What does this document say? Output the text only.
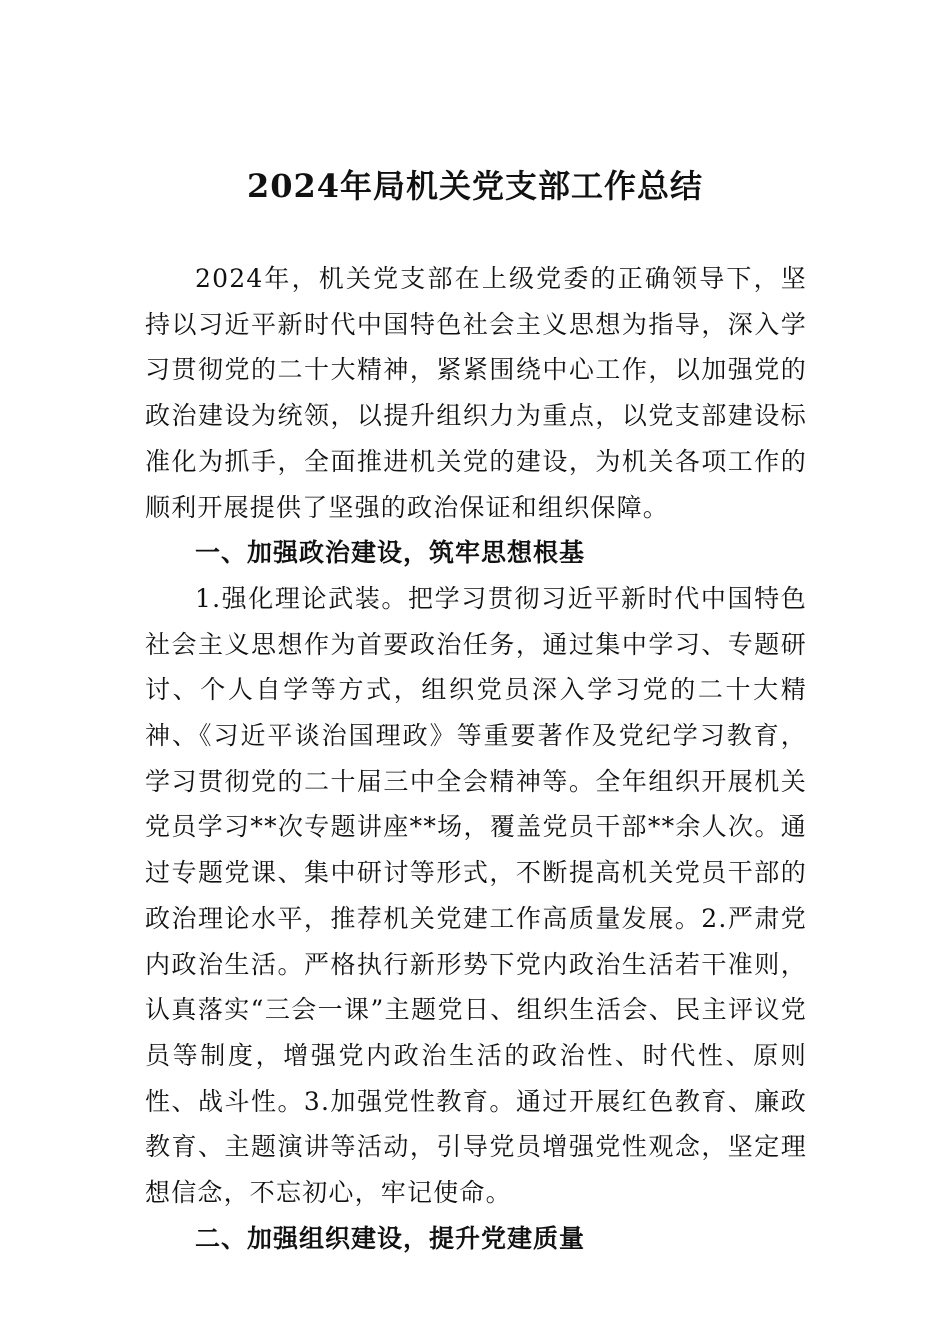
2024年局机关党支部工作总结

2024年，机关党支部在上级党委的正确领导下，坚持以习近平新时代中国特色社会主义思想为指导，深入学习贯彻党的二十大精神，紧紧围绕中心工作，以加强党的政治建设为统领，以提升组织力为重点，以党支部建设标准化为抓手，全面推进机关党的建设，为机关各项工作的顺利开展提供了坚强的政治保证和组织保障。

一、加强政治建设，筑牢思想根基

1.强化理论武装。把学习贯彻习近平新时代中国特色社会主义思想作为首要政治任务，通过集中学习、专题研讨、个人自学等方式，组织党员深入学习党的二十大精神、《习近平谈治国理政》等重要著作及党纪学习教育，学习贯彻党的二十届三中全会精神等。全年组织开展机关党员学习**次专题讲座**场，覆盖党员干部**余人次。通过专题党课、集中研讨等形式，不断提高机关党员干部的政治理论水平，推荐机关党建工作高质量发展。2.严肃党内政治生活。严格执行新形势下党内政治生活若干准则，认真落实“三会一课”主题党日、组织生活会、民主评议党员等制度，增强党内政治生活的政治性、时代性、原则性、战斗性。3.加强党性教育。通过开展红色教育、廉政教育、主题演讲等活动，引导党员增强党性观念，坚定理想信念，不忘初心，牢记使命。

二、加强组织建设，提升党建质量
